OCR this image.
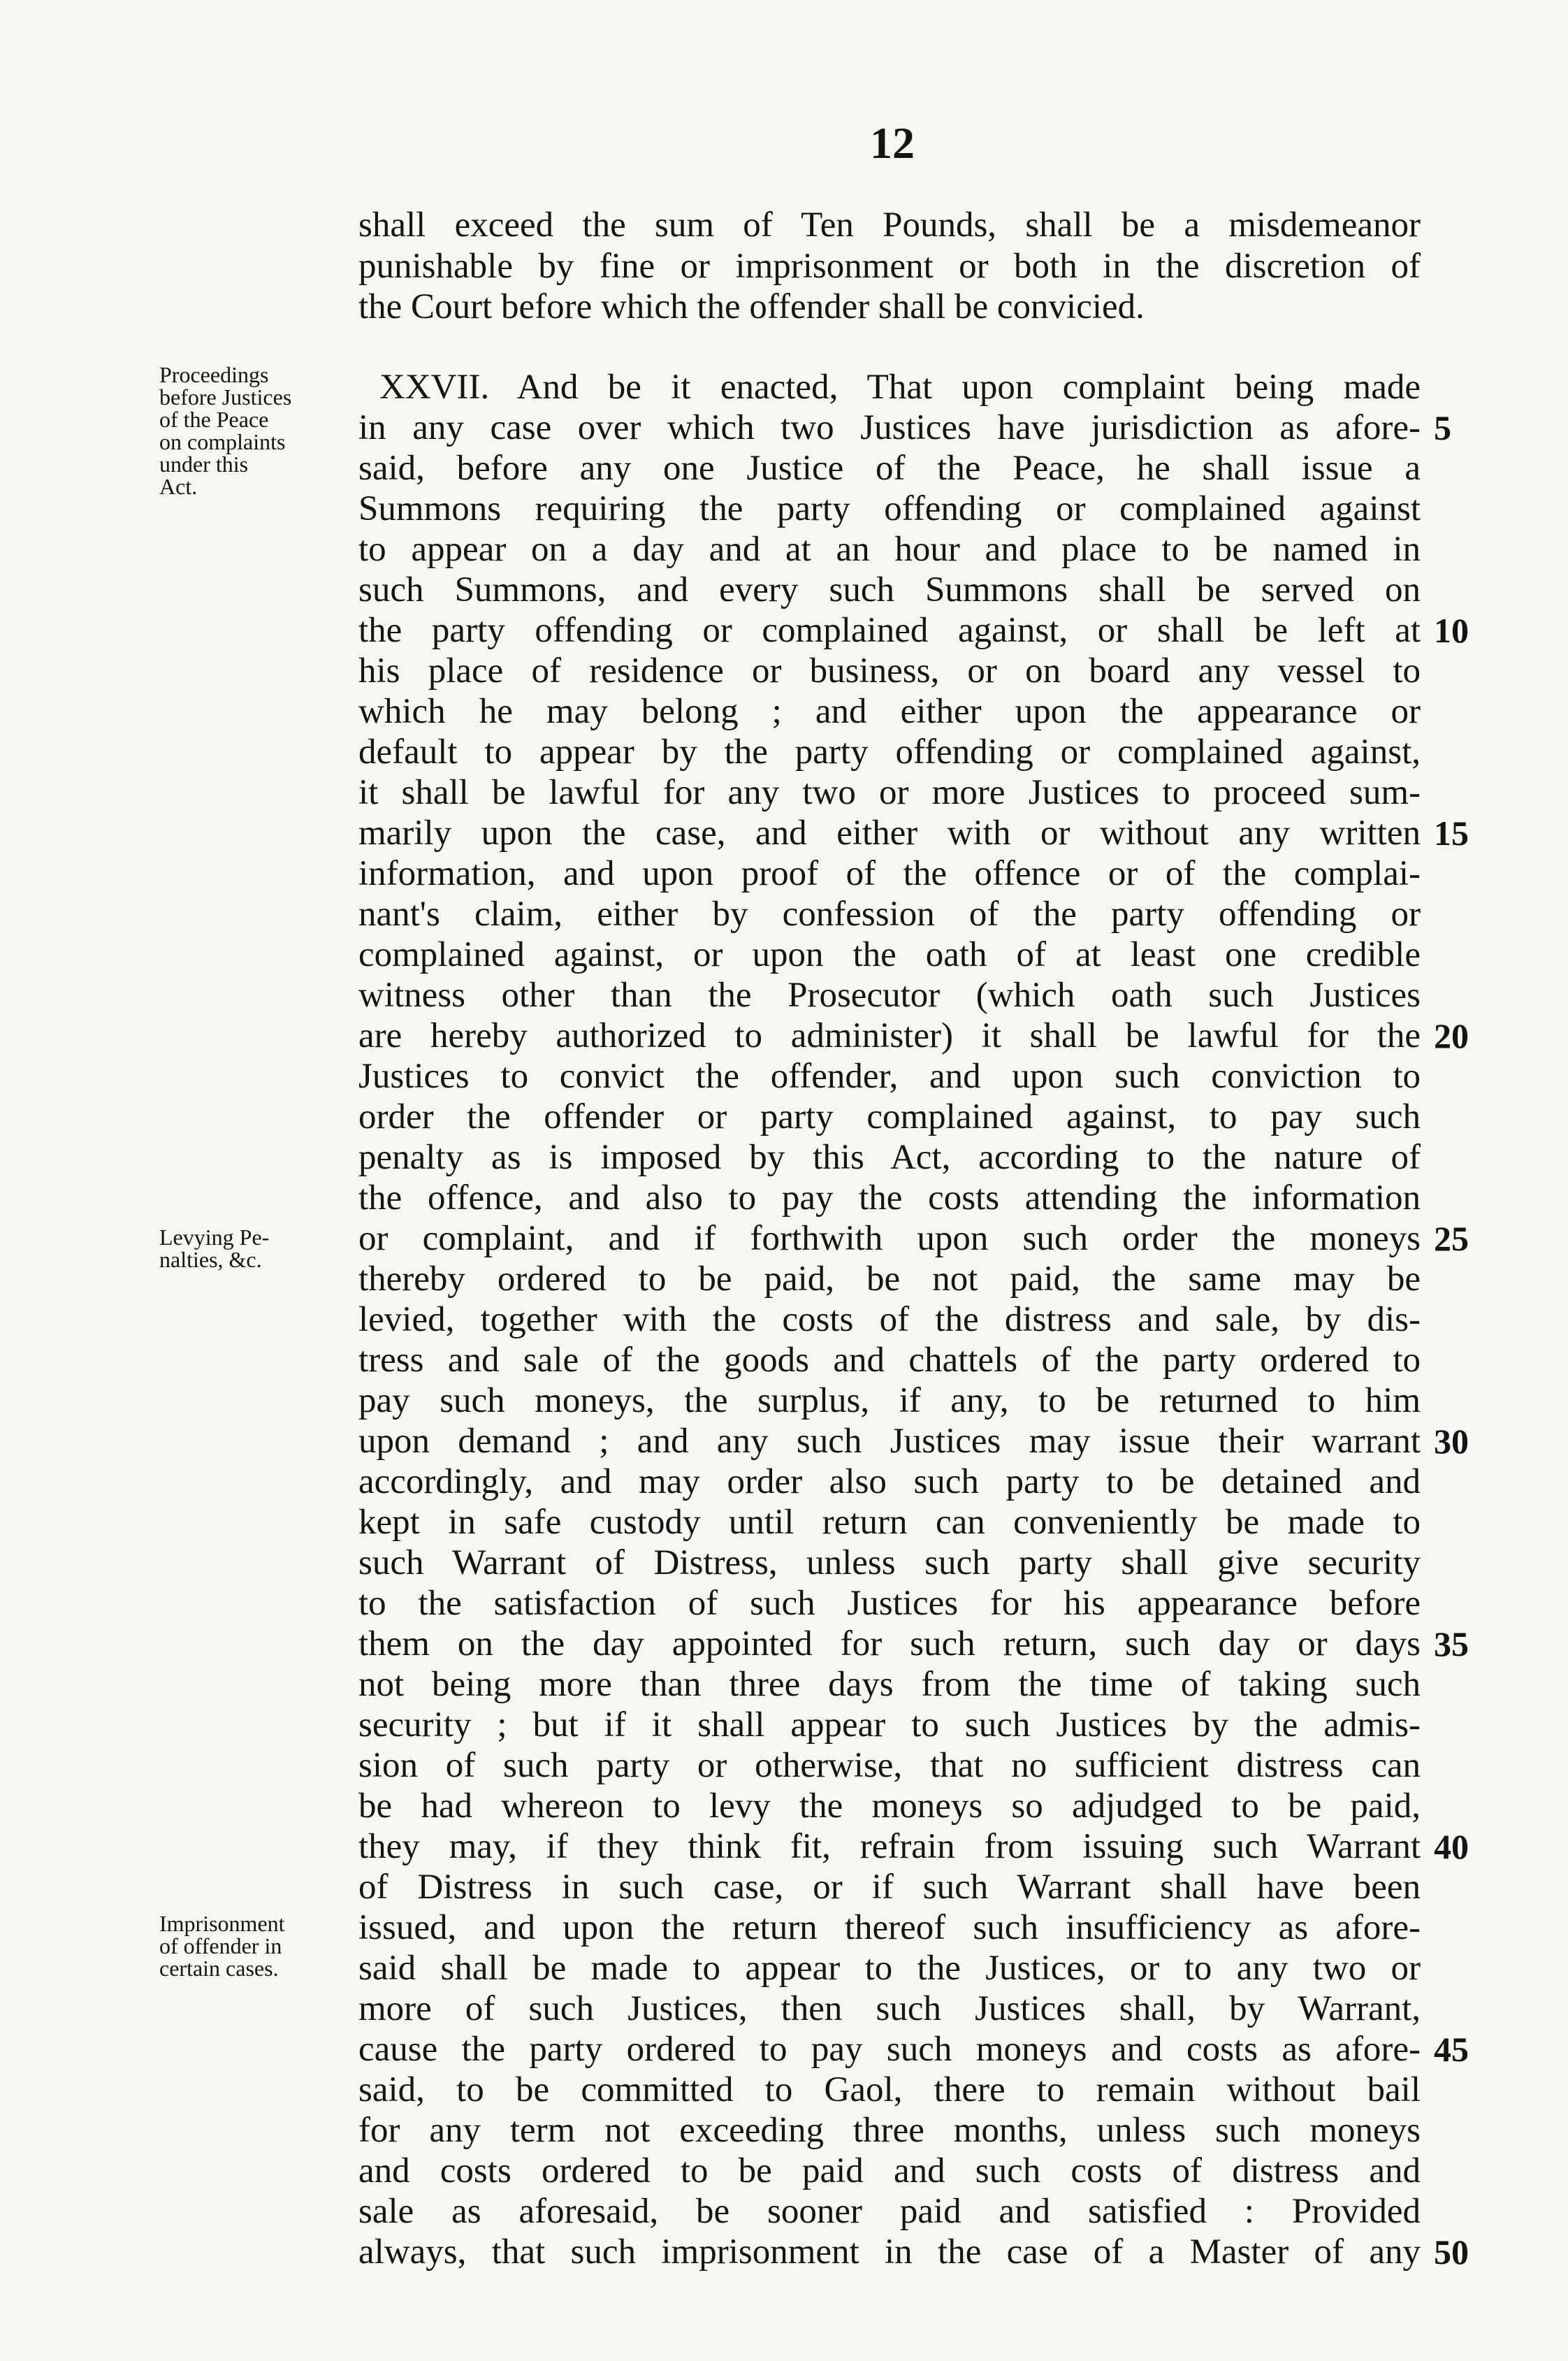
12
shall exceed the sum of Ten Pounds, shall be a misdemeanor
punishable by fine or imprisonment or both in the discretion of
the Court before which the offender shall be convicied.
XXVII. And be it enacted, That upon complaint being made
in any case over which two Justices have jurisdiction as afore-
said, before any one Justice of the Peace, he shall issue a
Summons requiring the party offending or complained against
to appear on a day and at an hour and place to be named in
such Summons, and every such Summons shall be served on
the party offending or complained against, or shall be left at
his place of residence or business, or on board any vessel to
which he may belong ; and either upon the appearance or
default to appear by the party offending or complained against,
it shall be lawful for any two or more Justices to proceed sum-
marily upon the case, and either with or without any written
information, and upon proof of the offence or of the complai-
nant's claim, either by confession of the party offending or
complained against, or upon the oath of at least one credible
witness other than the Prosecutor (which oath such Justices
are hereby authorized to administer) it shall be lawful for the
Justices to convict the offender, and upon such conviction to
order the offender or party complained against, to pay such
penalty as is imposed by this Act, according to the nature of
the offence, and also to pay the costs attending the information
or complaint, and if forthwith upon such order the moneys
thereby ordered to be paid, be not paid, the same may be
levied, together with the costs of the distress and sale, by dis-
tress and sale of the goods and chattels of the party ordered to
pay such moneys, the surplus, if any, to be returned to him
upon demand ; and any such Justices may issue their warrant
accordingly, and may order also such party to be detained and
kept in safe custody until return can conveniently be made to
such Warrant of Distress, unless such party shall give security
to the satisfaction of such Justices for his appearance before
them on the day appointed for such return, such day or days
not being more than three days from the time of taking such
security ; but if it shall appear to such Justices by the admis-
sion of such party or otherwise, that no sufficient distress can
be had whereon to levy the moneys so adjudged to be paid,
they may, if they think fit, refrain from issuing such Warrant
of Distress in such case, or if such Warrant shall have been
issued, and upon the return thereof such insufficiency as afore-
said shall be made to appear to the Justices, or to any two or
more of such Justices, then such Justices shall, by Warrant,
cause the party ordered to pay such moneys and costs as afore-
said, to be committed to Gaol, there to remain without bail
for any term not exceeding three months, unless such moneys
and costs ordered to be paid and such costs of distress and
sale as aforesaid, be sooner paid and satisfied : Provided
always, that such imprisonment in the case of a Master of any
5
10
15
20
25
30
35
40
45
50
Proceedings
before Justices
of the Peace
on complaints
under this
Act.
Levying Pe-
nalties, &c.
Imprisonment
of offender in
certain cases.
